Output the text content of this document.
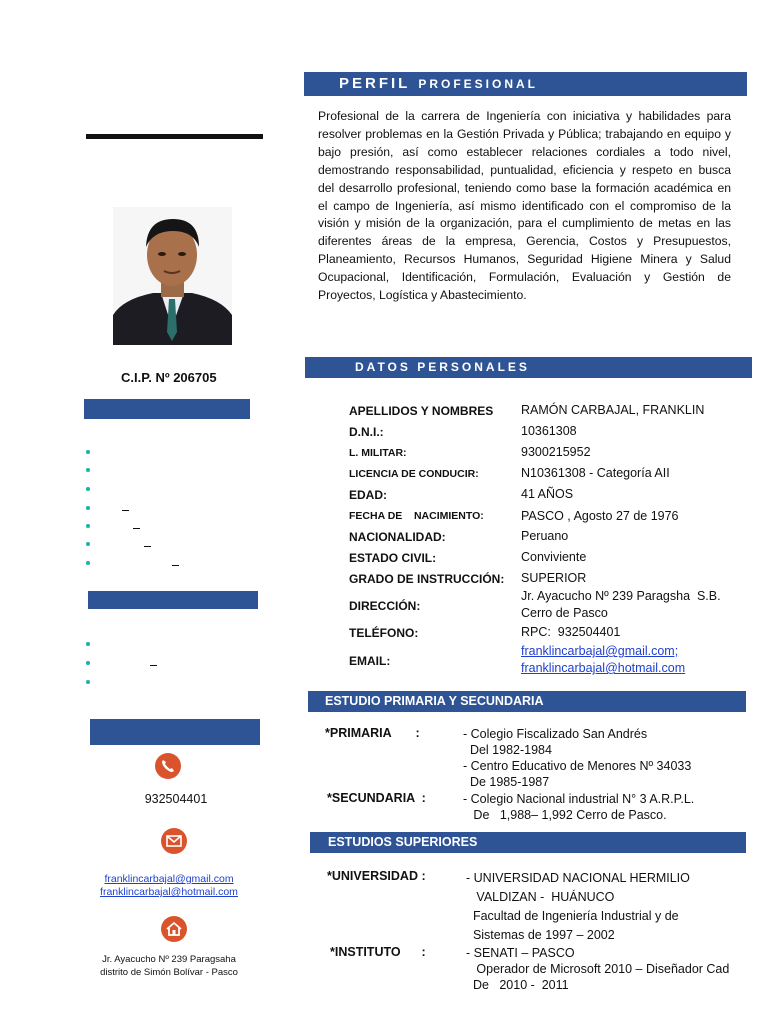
C.I.P. Nº 206705
932504401
franklincarbajal@gmail.com
franklincarbajal@hotmail.com
Jr. Ayacucho Nº 239 Paragsaha
distrito de Simón Bolívar - Pasco
PERFIL PROFESIONAL
Profesional de la carrera de Ingeniería con iniciativa y habilidades para resolver problemas en la Gestión Privada y Pública; trabajando en equipo y bajo presión, así como establecer relaciones cordiales a todo nivel, demostrando responsabilidad, puntualidad, eficiencia y respeto en busca del desarrollo profesional, teniendo como base la formación académica en el campo de Ingeniería, así mismo identificado con el compromiso de la visión y misión de la organización, para el cumplimiento de metas en las diferentes áreas de la empresa, Gerencia, Costos y Presupuestos, Planeamiento, Recursos Humanos, Seguridad Higiene Minera y Salud Ocupacional, Identificación, Formulación, Evaluación y Gestión de Proyectos, Logística y Abastecimiento.
DATOS PERSONALES
APELLIDOS Y NOMBRES RAMÓN CARBAJAL, FRANKLIN
D.N.I.:	10361308
L. MILITAR:	9300215952
LICENCIA DE CONDUCIR:	N10361308 - Categoría AII
EDAD:	41 AÑOS
FECHA DE    NACIMIENTO:	PASCO , Agosto 27 de 1976
NACIONALIDAD:	Peruano
ESTADO CIVIL:	Conviviente
GRADO DE INSTRUCCIÓN: SUPERIOR
DIRECCIÓN:
Jr. Ayacucho Nº 239 Paragsha  S.B.
Cerro de Pasco
TELÉFONO:	RPC:  932504401
EMAIL:
franklincarbajal@gmail.com;
franklincarbajal@hotmail.com
ESTUDIO PRIMARIA Y SECUNDARIA
*PRIMARIA       :	- Colegio Fiscalizado San Andrés
Del 1982-1984
- Centro Educativo de Menores Nº 34033
De 1985-1987
*SECUNDARIA  :	- Colegio Nacional industrial N° 3 A.R.P.L.
De   1,988– 1,992 Cerro de Pasco.
ESTUDIOS SUPERIORES
*UNIVERSIDAD :	- UNIVERSIDAD NACIONAL HERMILIO
VALDIZAN -  HUÁNUCO
Facultad de Ingeniería Industrial y de
Sistemas de 1997 – 2002
*INSTITUTO      :	- SENATI – PASCO
Operador de Microsoft 2010 – Diseñador Cad
De   2010 -  2011
